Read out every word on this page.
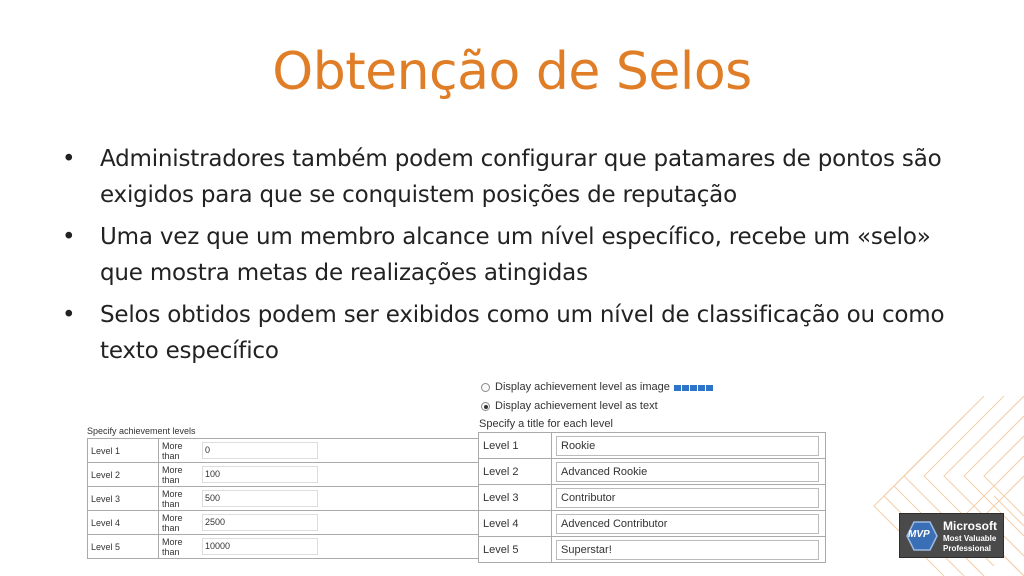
Obtenção de Selos
• Administradores também podem configurar que patamares de pontos são exigidos para que se conquistem posições de reputação
• Uma vez que um membro alcance um nível específico, recebe um «selo» que mostra metas de realizações atingidas
• Selos obtidos podem ser exibidos como um nível de classificação ou como texto específico
Specify achievement levels
Level 1	More than	0
Level 2	More than	100
Level 3	More than	500
Level 4	More than	2500
Level 5	More than	10000
Display achievement level as image
Display achievement level as text
Specify a title for each level
Level 1	Rookie

Level 2	Advanced Rookie

Level 3	Contributor

Level 4	Advenced Contributor

Level 5	Superstar!
MVP
Microsoft
Most Valuable
Professional
